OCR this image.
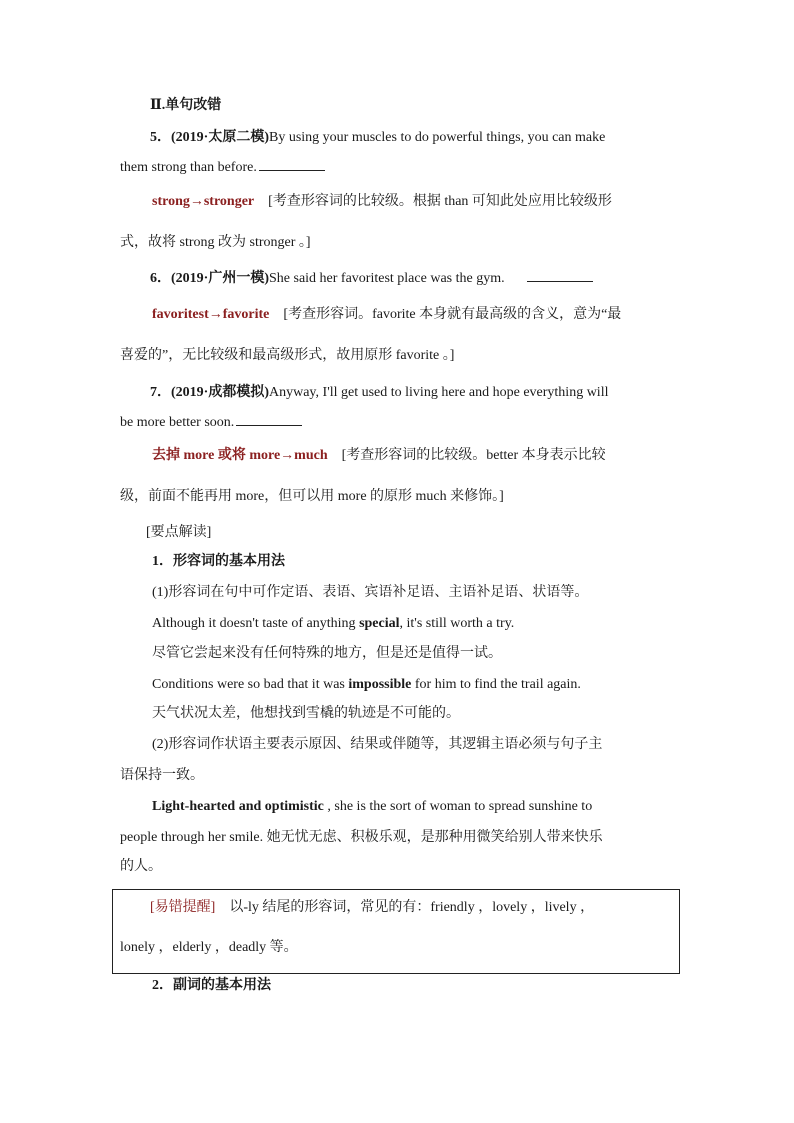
Ⅱ.单句改错
5．(2019·太原二模)By using your muscles to do powerful things, you can make
them strong than before.
strong→stronger [考查形容词的比较级。根据 than 可知此处应用比较级形
式，故将 strong 改为 stronger 。]
6．(2019·广州一模)She said her favoritest place was the gym.
favoritest→favorite [考查形容词。favorite 本身就有最高级的含义，意为“最
喜爱的”，无比较级和最高级形式，故用原形 favorite 。]
7．(2019·成都模拟)Anyway, I'll get used to living here and hope everything will
be more better soon.
去掉 more 或将 more→much [考查形容词的比较级。better 本身表示比较
级，前面不能再用 more，但可以用 more 的原形 much 来修饰。]
[要点解读]
1．形容词的基本用法
(1)形容词在句中可作定语、表语、宾语补足语、主语补足语、状语等。
Although it doesn't taste of anything special, it's still worth a try.
尽管它尝起来没有任何特殊的地方，但是还是值得一试。
Conditions were so bad that it was impossible for him to find the trail again.
天气状况太差，他想找到雪橇的轨迹是不可能的。
(2)形容词作状语主要表示原因、结果或伴随等，其逻辑主语必须与句子主
语保持一致。
Light-hearted and optimistic , she is the sort of woman to spread sunshine to
people through her smile. 她无忧无虑、积极乐观，是那种用微笑给别人带来快乐
的人。
[易错提醒] 以-ly 结尾的形容词，常见的有：friendly ，lovely ，lively ，
lonely ，elderly ，deadly 等。
2．副词的基本用法
